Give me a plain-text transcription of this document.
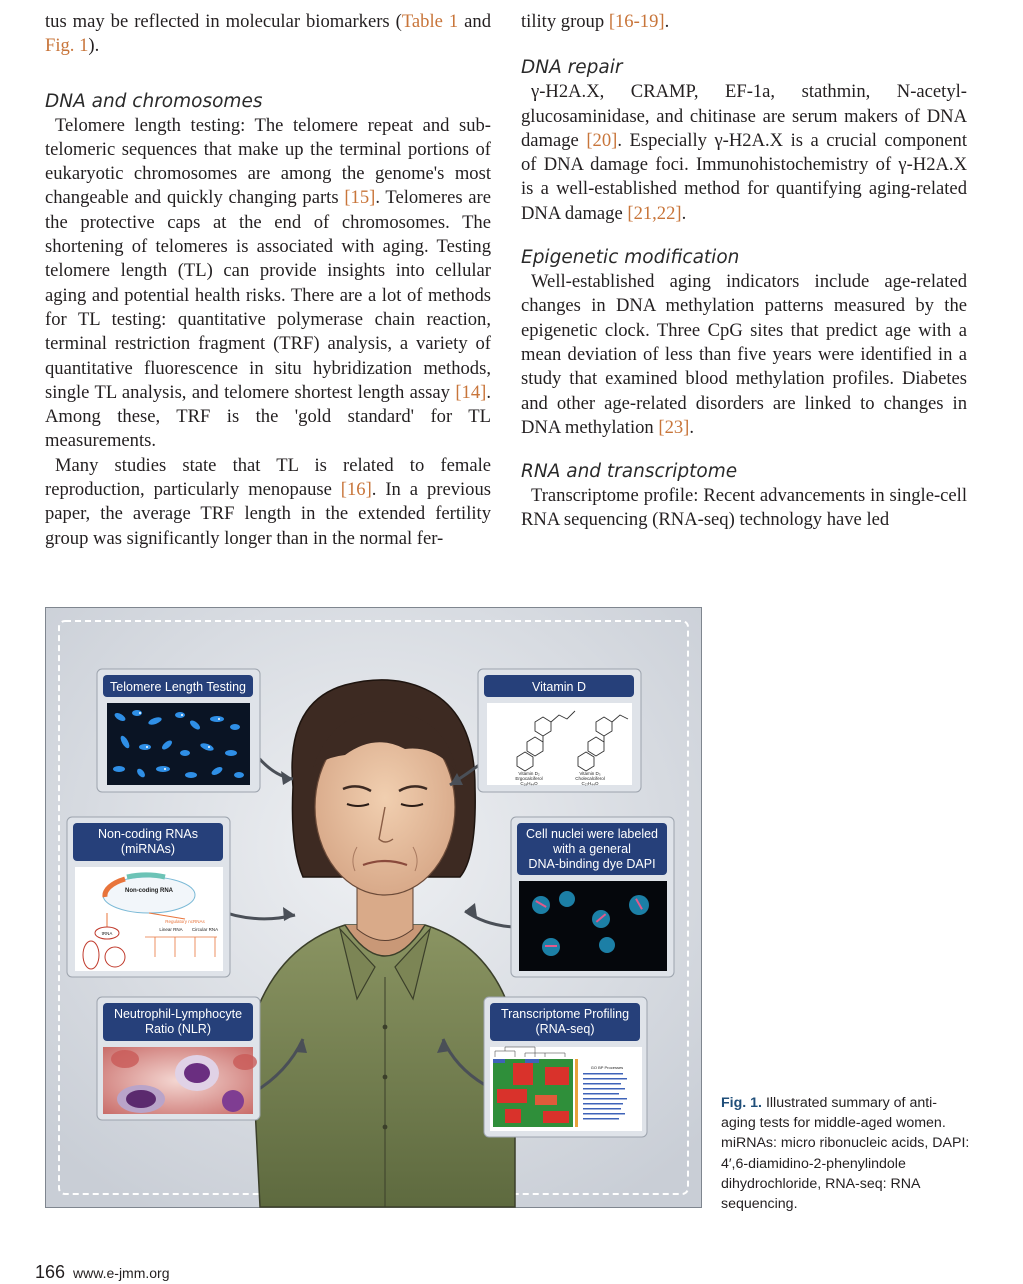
tus may be reflected in molecular biomarkers (Table 1 and Fig. 1).

DNA and chromosomes

Telomere length testing: The telomere repeat and sub-telomeric sequences that make up the terminal portions of eukaryotic chromosomes are among the genome's most changeable and quickly changing parts [15]. Telomeres are the protective caps at the end of chromosomes. The shortening of telomeres is associated with aging. Testing telomere length (TL) can provide insights into cellular aging and potential health risks. There are a lot of methods for TL testing: quantitative polymerase chain reaction, terminal restriction fragment (TRF) analysis, a variety of quantitative fluorescence in situ hybridization methods, single TL analysis, and telomere shortest length assay [14]. Among these, TRF is the 'gold standard' for TL measurements.

Many studies state that TL is related to female reproduction, particularly menopause [16]. In a previous paper, the average TRF length in the extended fertility group was significantly longer than in the normal fer-

tility group [16-19].

DNA repair

γ-H2A.X, CRAMP, EF-1a, stathmin, N-acetyl-glucosaminidase, and chitinase are serum makers of DNA damage [20]. Especially γ-H2A.X is a crucial component of DNA damage foci. Immunohistochemistry of γ-H2A.X is a well-established method for quantifying aging-related DNA damage [21,22].

Epigenetic modification

Well-established aging indicators include age-related changes in DNA methylation patterns measured by the epigenetic clock. Three CpG sites that predict age with a mean deviation of less than five years were identified in a study that examined blood methylation profiles. Diabetes and other age-related disorders are linked to changes in DNA methylation [23].

RNA and transcriptome

Transcriptome profile: Recent advancements in single-cell RNA sequencing (RNA-seq) technology have led

Telomere Length Testing	Vitamin D
Vitamin D₂
Ergocalciferol
C₂₈H₄₄O
Vitamin D₃
Cholecalciferol
C₂₇H₄₄O
Non-coding RNAs
(miRNAs)
Non-coding RNA
Regulatory ncRNAs
tRNA
Linear RNA Circular RNA
Cell nuclei were labeled
with a general
DNA-binding dye DAPI
Neutrophil-Lymphocyte
Ratio (NLR)
Transcriptome Profiling
(RNA-seq)
GO BP Processes
Fig. 1. Illustrated summary of anti-aging tests for middle-aged women. miRNAs: micro ribonucleic acids, DAPI: 4′,6-diamidino-2-phenylindole dihydrochloride, RNA-seq: RNA sequencing.
166 www.e-jmm.org
